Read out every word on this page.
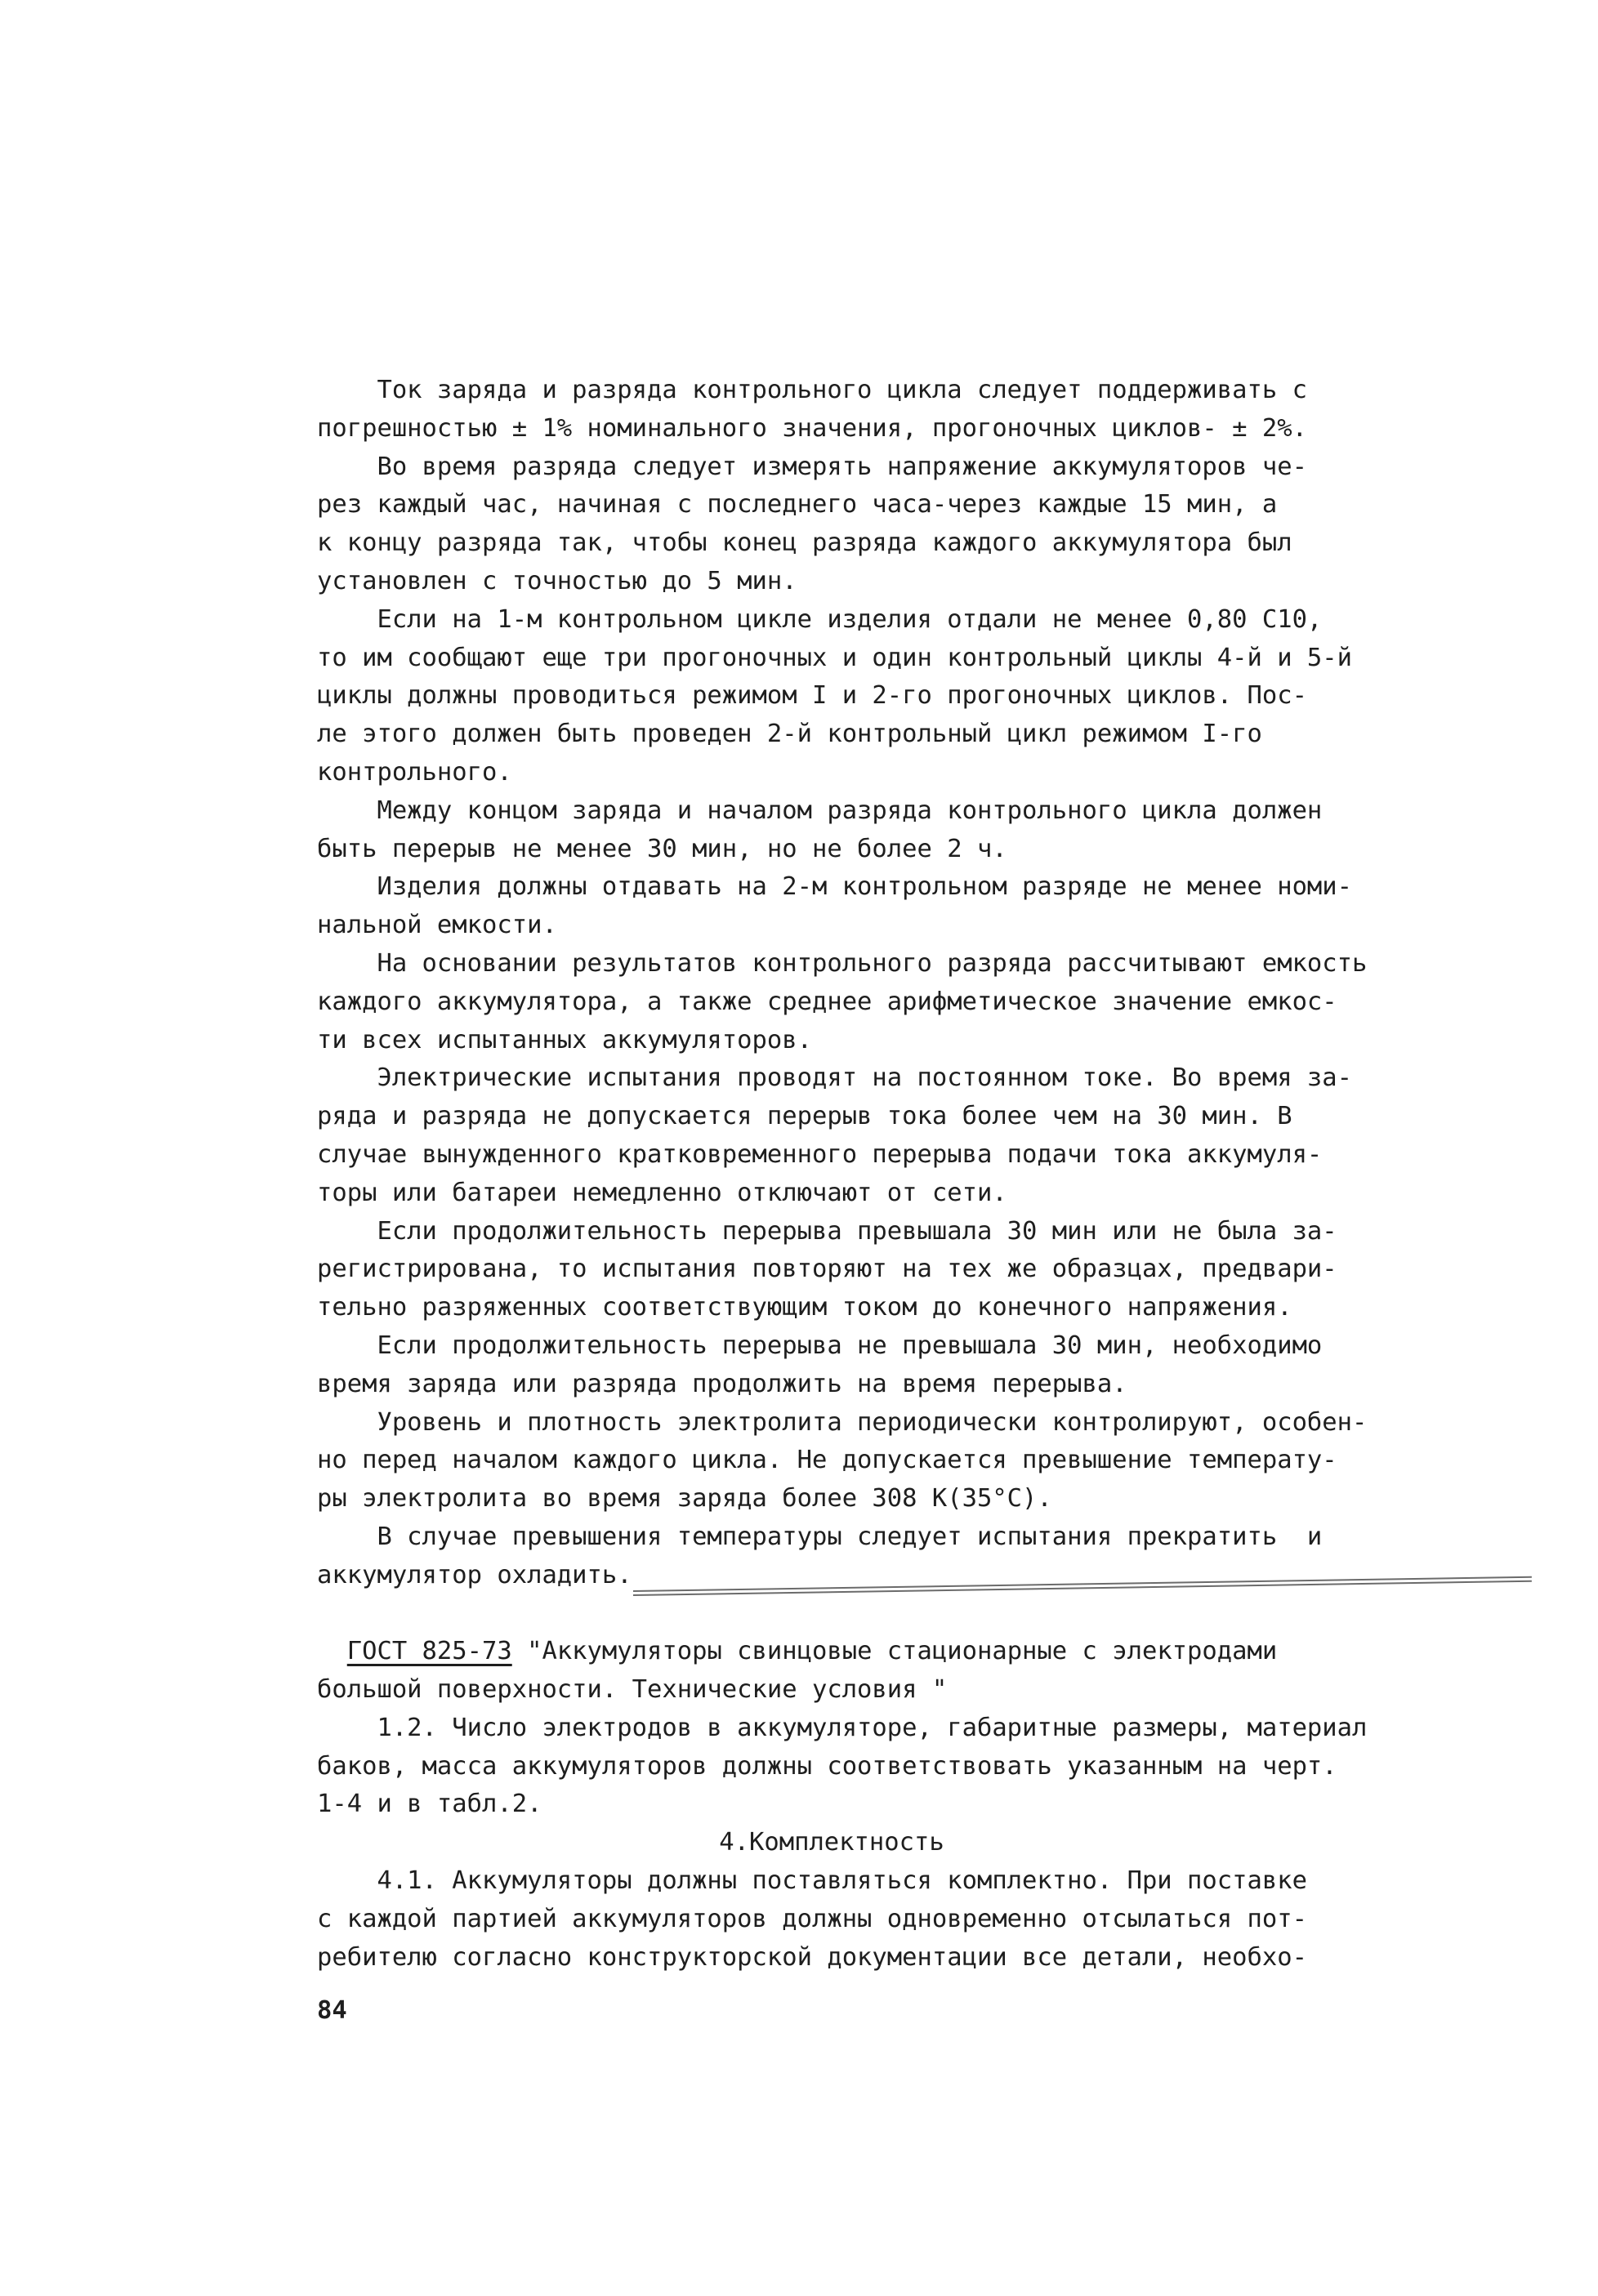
Ток заряда и разряда контрольного цикла следует поддерживать с
погрешностью ± 1% номинального значения, прогоночных циклов- ± 2%.
Во время разряда следует измерять напряжение аккумуляторов че-
рез каждый час, начиная с последнего часа-через каждые 15 мин, а
к концу разряда так, чтобы конец разряда каждого аккумулятора был
установлен с точностью до 5 мин.
Если на 1-м контрольном цикле изделия отдали не менее 0,80 C10,
то им сообщают еще три прогоночных и один контрольный циклы 4-й и 5-й
циклы должны проводиться режимом I и 2-го прогоночных циклов. Пос-
ле этого должен быть проведен 2-й контрольный цикл режимом I-го
контрольного.
Между концом заряда и началом разряда контрольного цикла должен
быть перерыв не менее 30 мин, но не более 2 ч.
Изделия должны отдавать на 2-м контрольном разряде не менее номи-
нальной емкости.
На основании результатов контрольного разряда рассчитывают емкость
каждого аккумулятора, а также среднее арифметическое значение емкос-
ти всех испытанных аккумуляторов.
Электрические испытания проводят на постоянном токе. Во время за-
ряда и разряда не допускается перерыв тока более чем на 30 мин. В
случае вынужденного кратковременного перерыва подачи тока аккумуля-
торы или батареи немедленно отключают от сети.
Если продолжительность перерыва превышала 30 мин или не была за-
регистрирована, то испытания повторяют на тех же образцах, предвари-
тельно разряженных соответствующим током до конечного напряжения.
Если продолжительность перерыва не превышала 30 мин, необходимо
время заряда или разряда продолжить на время перерыва.
Уровень и плотность электролита периодически контролируют, особен-
но перед началом каждого цикла. Не допускается превышение температу-
ры электролита во время заряда более 308 К(35°С).
В случае превышения температуры следует испытания прекратить  и
аккумулятор охладить.
ГОСТ 825-73 "Аккумуляторы свинцовые стационарные с электродами
большой поверхности. Технические условия "
1.2. Число электродов в аккумуляторе, габаритные размеры, материал
баков, масса аккумуляторов должны соответствовать указанным на черт.
1-4 и в табл.2.
4.Комплектность
4.1. Аккумуляторы должны поставляться комплектно. При поставке
с каждой партией аккумуляторов должны одновременно отсылаться пот-
ребителю согласно конструкторской документации все детали, необхо-
84
